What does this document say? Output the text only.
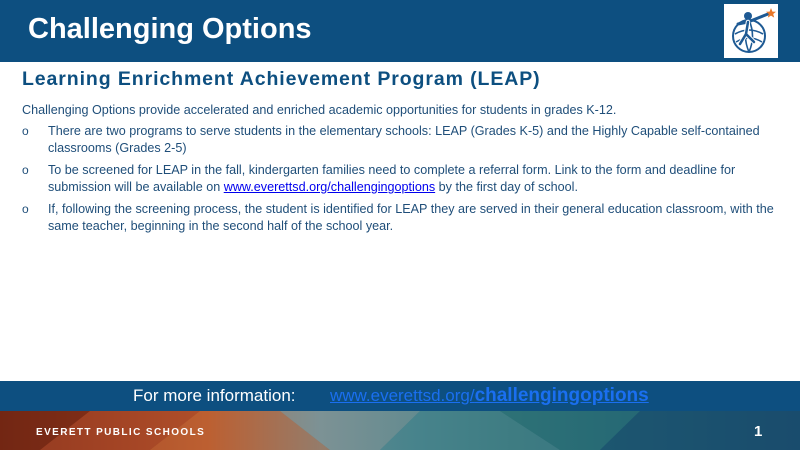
Challenging Options
Learning Enrichment Achievement Program (LEAP)
Challenging Options provide accelerated and enriched academic opportunities for students in grades K-12.
o There are two programs to serve students in the elementary schools: LEAP (Grades K-5) and the Highly Capable self-contained classrooms (Grades 2-5)
o To be screened for LEAP in the fall, kindergarten families need to complete a referral form. Link to the form and deadline for submission will be available on www.everettsd.org/challengingoptions by the first day of school.
o If, following the screening process, the student is identified for LEAP they are served in their general education classroom, with the same teacher, beginning in the second half of the school year.
For more information: www.everettsd.org/challengingoptions
EVERETT PUBLIC SCHOOLS	1
